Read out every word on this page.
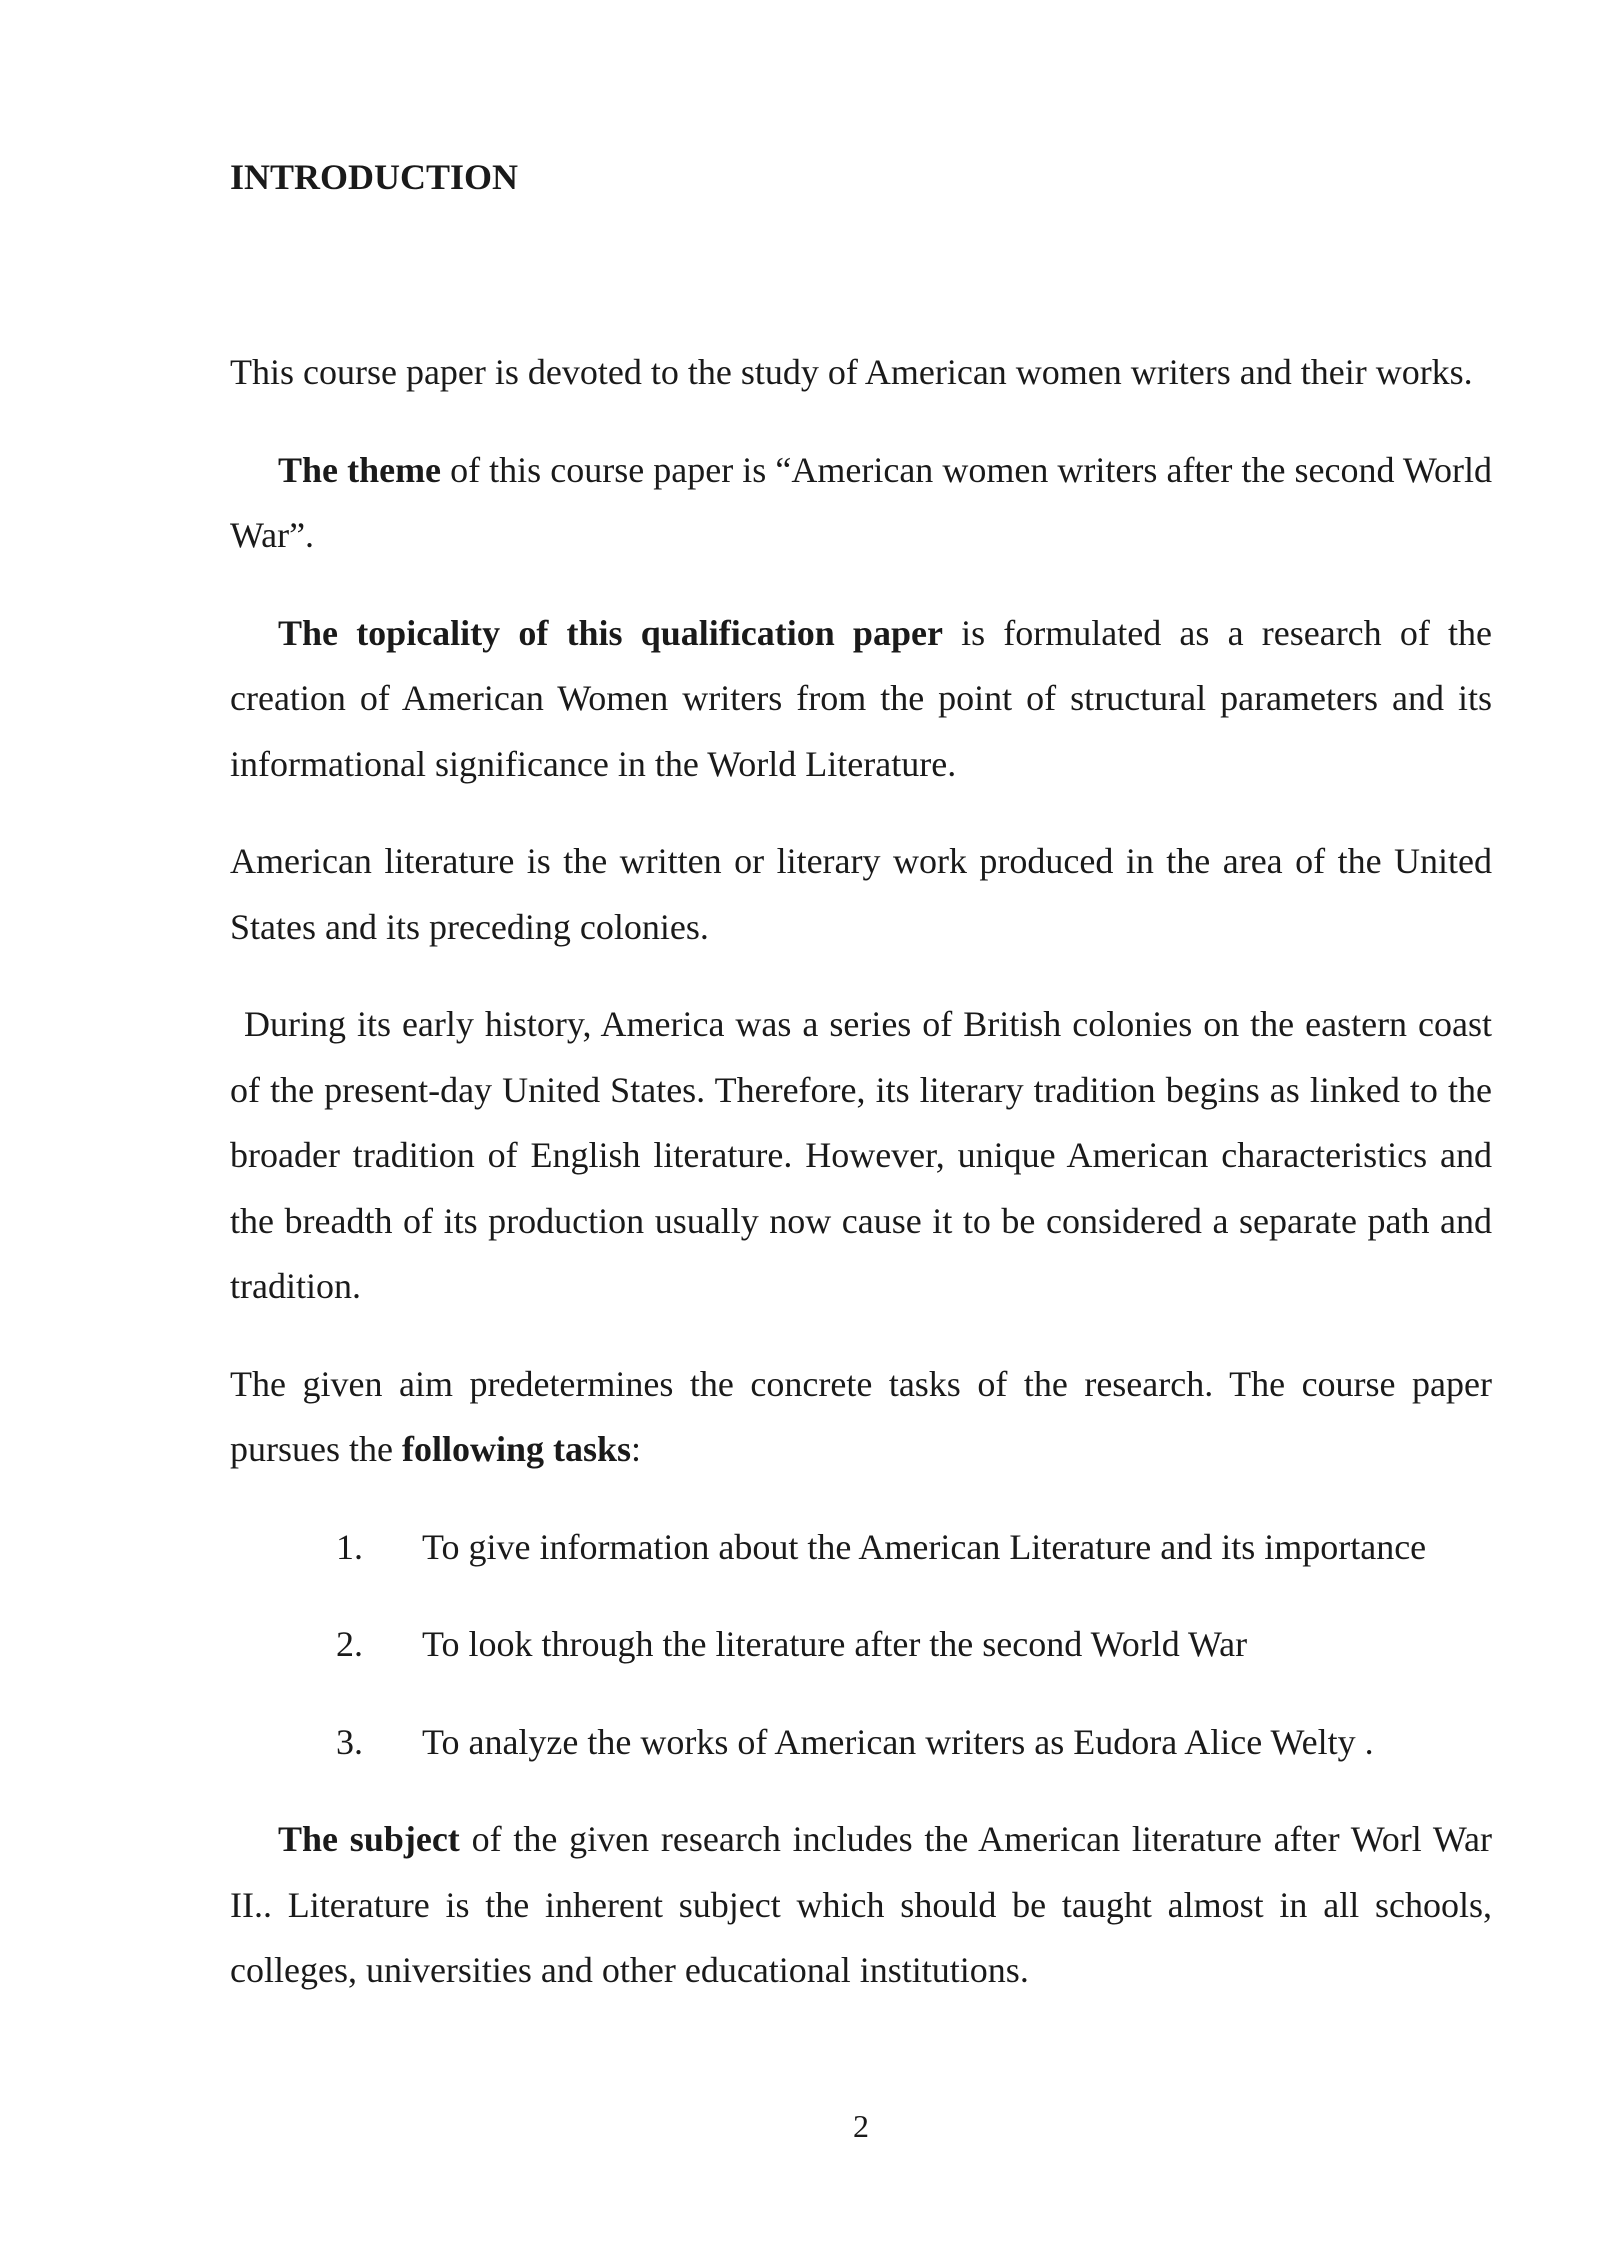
INTRODUCTION

This course paper is devoted to the study of American women writers and their works.

The theme of this course paper is “American women writers after the second World War”.

The topicality of this qualification paper is formulated as a research of the creation of American Women writers from the point of structural parameters and its informational significance in the World Literature.

American literature is the written or literary work produced in the area of the United States and its preceding colonies.

During its early history, America was a series of British colonies on the eastern coast of the present-day United States. Therefore, its literary tradition begins as linked to the broader tradition of English literature. However, unique American characteristics and the breadth of its production usually now cause it to be considered a separate path and tradition.

The given aim predetermines the concrete tasks of the research. The course paper pursues the following tasks:

1.	To give information about the American Literature and its importance
2.	To look through the literature after the second World War
3.	To analyze the works of American writers as Eudora Alice Welty .

The subject of the given research includes the American literature after Worl War II.. Literature is the inherent subject which should be taught almost in all schools, colleges, universities and other educational institutions.

2
